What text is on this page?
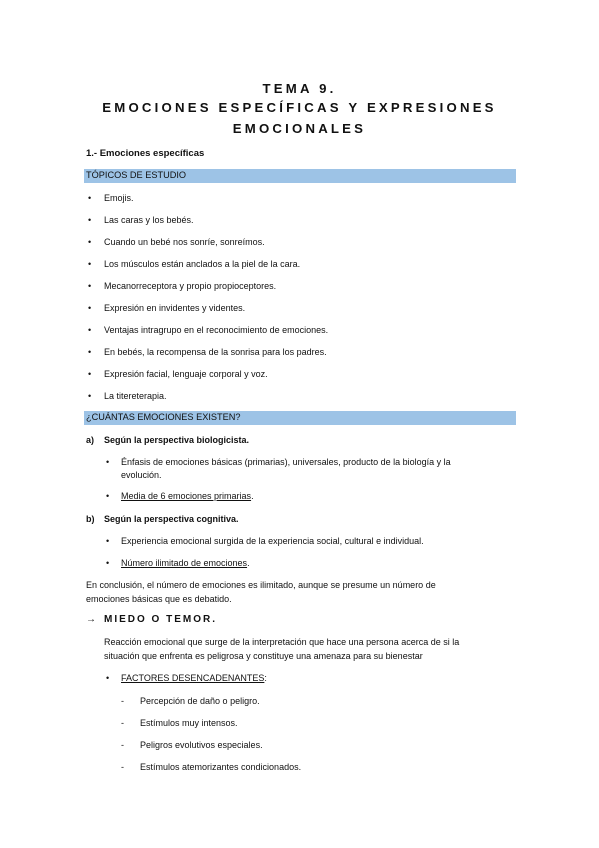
TEMA 9.
EMOCIONES ESPECÍFICAS Y EXPRESIONES
EMOCIONALES
1.- Emociones específicas
TÓPICOS DE ESTUDIO
• Emojis.
• Las caras y los bebés.
• Cuando un bebé nos sonríe, sonreímos.
• Los músculos están anclados a la piel de la cara.
• Mecanorreceptora y propio propioceptores.
• Expresión en invidentes y videntes.
• Ventajas intragrupo en el reconocimiento de emociones.
• En bebés, la recompensa de la sonrisa para los padres.
• Expresión facial, lenguaje corporal y voz.
• La titereterapia.
¿CUÁNTAS EMOCIONES EXISTEN?
a) Según la perspectiva biologicista.
• Énfasis de emociones básicas (primarias), universales, producto de la biología y la
evolución.
• Media de 6 emociones primarias.
b) Según la perspectiva cognitiva.
• Experiencia emocional surgida de la experiencia social, cultural e individual.
• Número ilimitado de emociones.
En conclusión, el número de emociones es ilimitado, aunque se presume un número de
emociones básicas que es debatido.
→ MIEDO O TEMOR.
Reacción emocional que surge de la interpretación que hace una persona acerca de si la
situación que enfrenta es peligrosa y constituye una amenaza para su bienestar
• FACTORES DESENCADENANTES:
- Percepción de daño o peligro.
- Estímulos muy intensos.
- Peligros evolutivos especiales.
- Estímulos atemorizantes condicionados.
